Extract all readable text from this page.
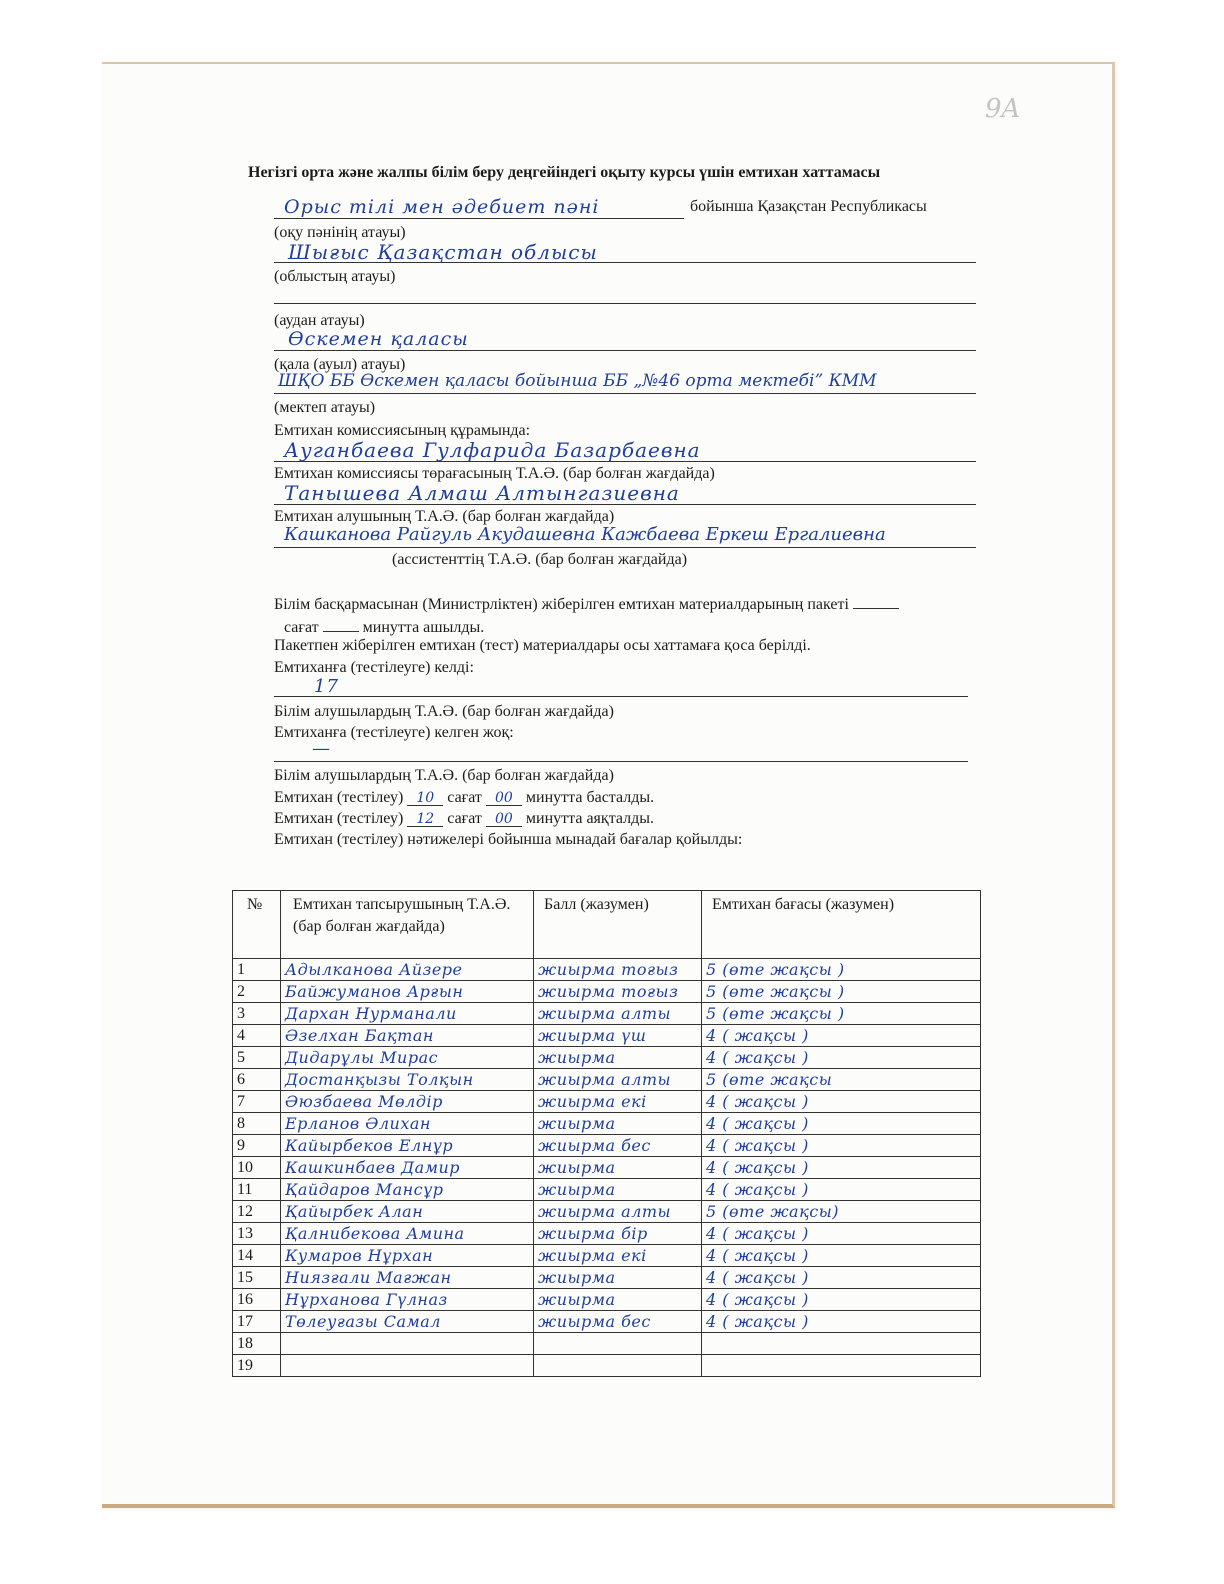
9A
Негізгі орта және жалпы білім беру деңгейіндегі оқыту курсы үшін емтихан хаттамасы
Орыс тілі мен әдебиет пәні	бойынша Қазақстан Республикасы
(оқу пәнінің атауы)
Шығыс Қазақстан облысы
(облыстың атауы)
(аудан атауы)
Өскемен қаласы
(қала (ауыл) атауы)
ШҚО ББ Өскемен қаласы бойынша ББ „№46 орта мектебі” КММ
(мектеп атауы)
Емтихан комиссиясының құрамында:
Ауганбаева Гулфарида Базарбаевна
Емтихан комиссиясы төрағасының Т.А.Ә. (бар болған жағдайда)
Танышева Алмаш Алтынгазиевна
Емтихан алушының Т.А.Ә. (бар болған жағдайда)
Кашканова Райгуль Акудашевна Кажбаева Еркеш Ергалиевна
(ассистенттің Т.А.Ә. (бар болған жағдайда)
Білім басқармасынан (Министрліктен) жіберілген емтихан материалдарының пакеті
сағат	минутта ашылды.
Пакетпен жіберілген емтихан (тест) материалдары осы хаттамаға қоса берілді.
Емтиханға (тестілеуге) келді:
17
Білім алушылардың Т.А.Ә. (бар болған жағдайда)
Емтиханға (тестілеуге) келген жоқ:
—
Білім алушылардың Т.А.Ә. (бар болған жағдайда)
Емтихан (тестілеу) 10 сағат 00 минутта басталды.
Емтихан (тестілеу) 12 сағат 00 минутта аяқталды.
Емтихан (тестілеу) нәтижелері бойынша мынадай бағалар қойылды:
№	Емтихан тапсырушының Т.А.Ә. (бар болған жағдайда)	Балл (жазумен)	Емтихан бағасы (жазумен)
1	Адылканова Айзере	жиырма тоғыз	5 (өте жақсы )
2	Байжуманов Арғын	жиырма тоғыз	5 (өте жақсы )
3	Дархан Нурманали	жиырма алты	5 (өте жақсы )
4	Әзелхан Бақтан	жиырма үш	4 ( жақсы )
5	Дидарұлы Мирас	жиырма	4 ( жақсы )
6	Достанқызы Толқын	жиырма алты	5 (өте жақсы
7	Әюзбаева Мөлдір	жиырма екі	4 ( жақсы )
8	Ерланов Әлихан	жиырма	4 ( жақсы )
9	Кайырбеков Елнұр	жиырма бес	4 ( жақсы )
10	Кашкинбаев Дамир	жиырма	4 ( жақсы )
11	Қайдаров Мансұр	жиырма	4 ( жақсы )
12	Қайырбек Алан	жиырма алты	5 (өте жақсы)
13	Қалнибекова Амина	жиырма бір	4 ( жақсы )
14	Кумаров Нұрхан	жиырма екі	4 ( жақсы )
15	Ниязғали Мағжан	жиырма	4 ( жақсы )
16	Нұрханова Гүлназ	жиырма	4 ( жақсы )
17	Төлеуғазы Самал	жиырма бес	4 ( жақсы )
18			
19			
